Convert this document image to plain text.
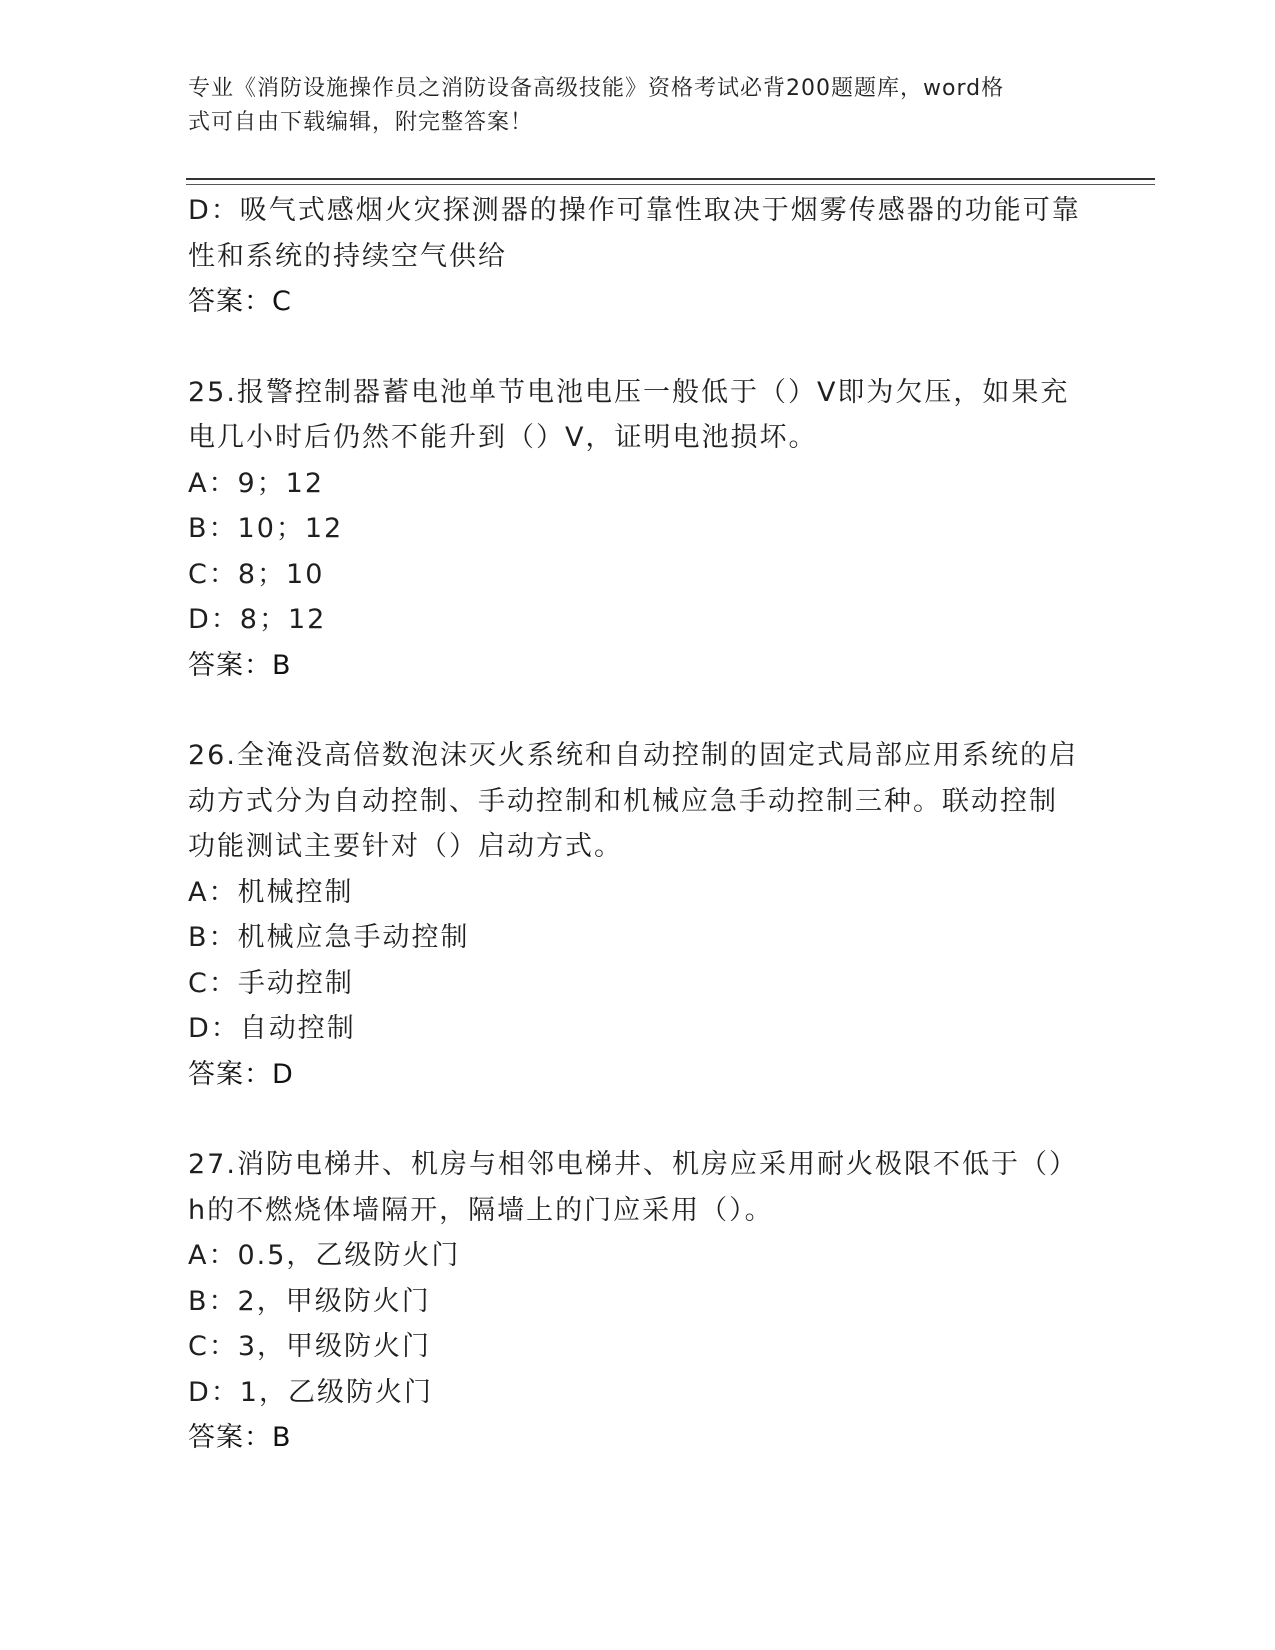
专业《消防设施操作员之消防设备高级技能》资格考试必背200题题库，word格
式可自由下载编辑，附完整答案！
D：吸气式感烟火灾探测器的操作可靠性取决于烟雾传感器的功能可靠
性和系统的持续空气供给
答案：C
25.报警控制器蓄电池单节电池电压一般低于（）V即为欠压，如果充
电几小时后仍然不能升到（）V，证明电池损坏。
A：9；12
B：10；12
C：8；10
D：8；12
答案：B
26.全淹没高倍数泡沫灭火系统和自动控制的固定式局部应用系统的启
动方式分为自动控制、手动控制和机械应急手动控制三种。联动控制
功能测试主要针对（）启动方式。
A：机械控制
B：机械应急手动控制
C：手动控制
D：自动控制
答案：D
27.消防电梯井、机房与相邻电梯井、机房应采用耐火极限不低于（）
h的不燃烧体墙隔开，隔墙上的门应采用（）。
A：0.5，乙级防火门
B：2，甲级防火门
C：3，甲级防火门
D：1，乙级防火门
答案：B
